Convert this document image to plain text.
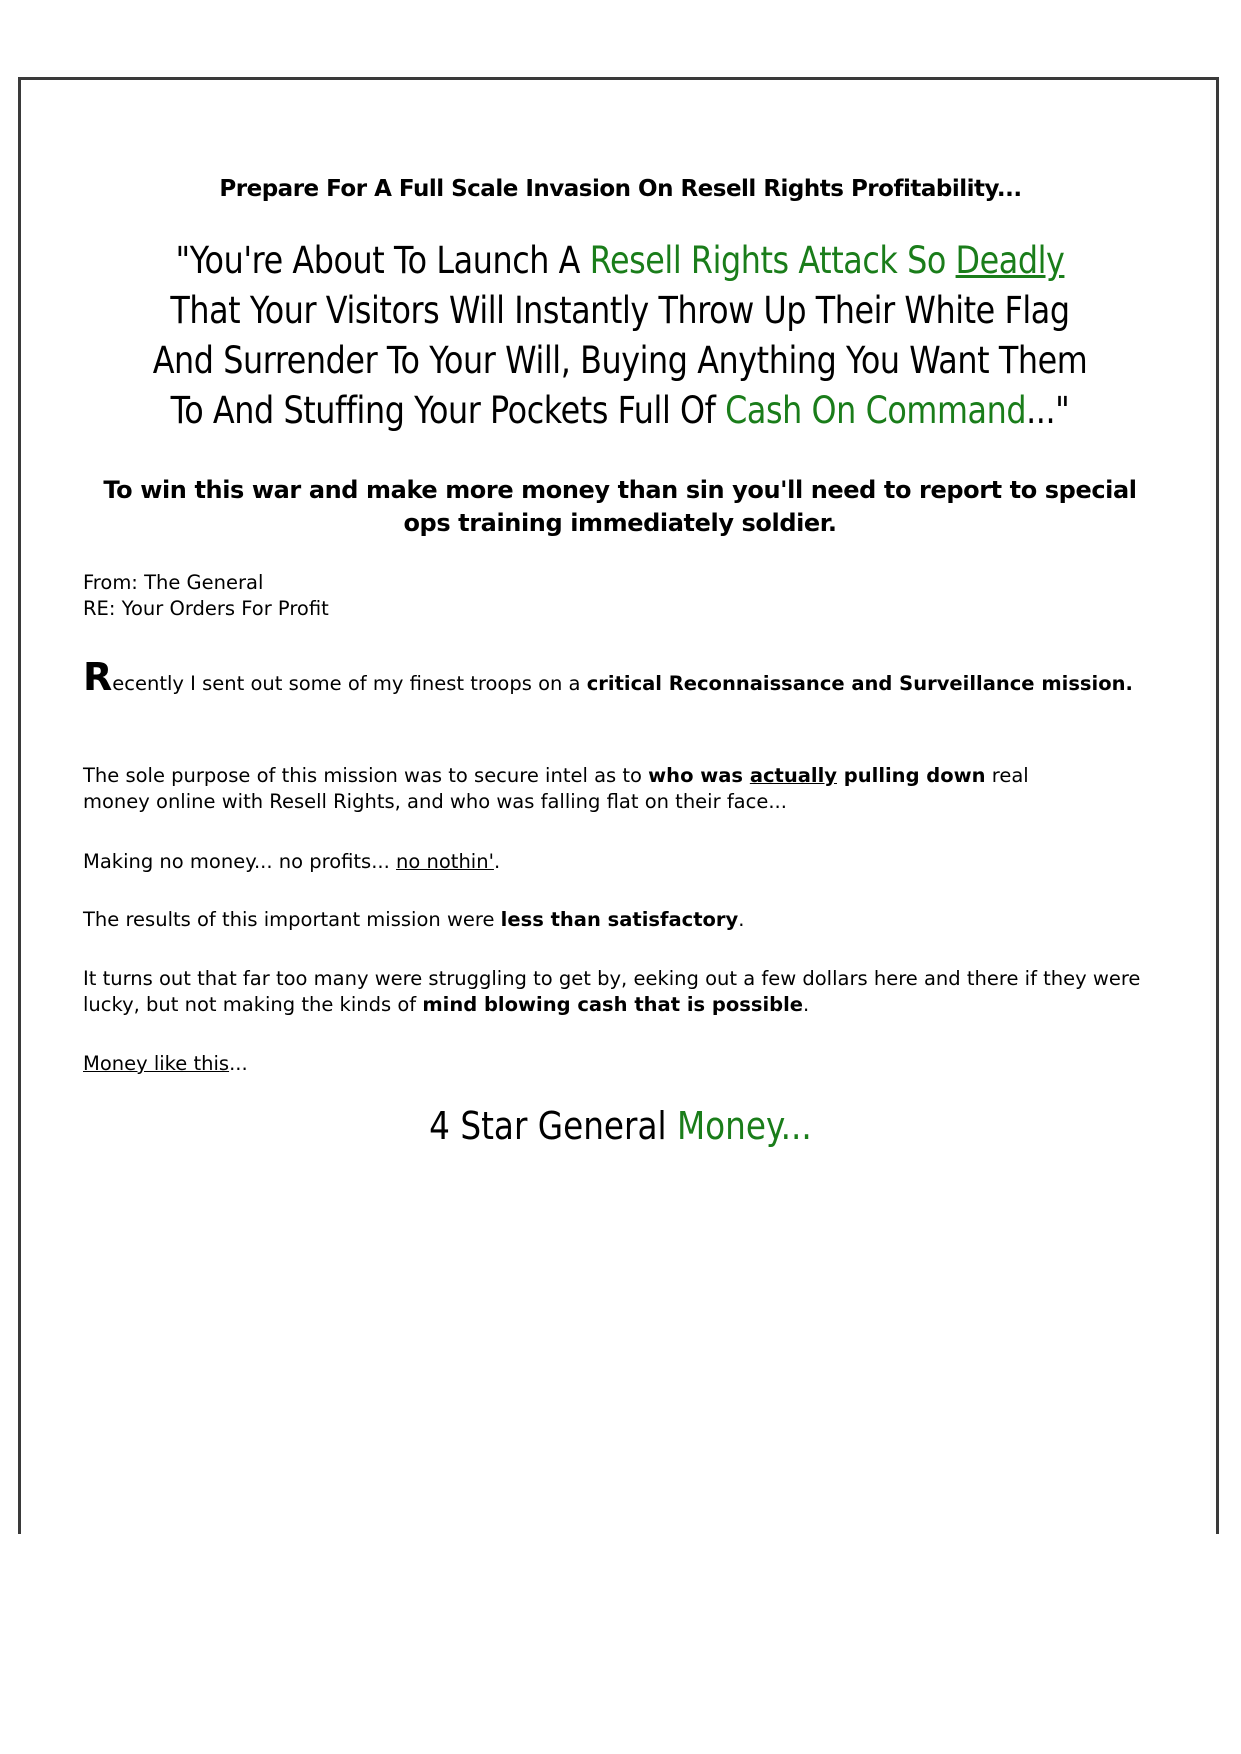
Prepare For A Full Scale Invasion On Resell Rights Profitability...
"You're About To Launch A Resell Rights Attack So Deadly That Your Visitors Will Instantly Throw Up Their White Flag And Surrender To Your Will, Buying Anything You Want Them To And Stuffing Your Pockets Full Of Cash On Command..."
To win this war and make more money than sin you'll need to report to special ops training immediately soldier.
From: The General
RE: Your Orders For Profit
Recently I sent out some of my finest troops on a critical Reconnaissance and Surveillance mission.
The sole purpose of this mission was to secure intel as to who was actually pulling down real money online with Resell Rights, and who was falling flat on their face...
Making no money... no profits... no nothin'.
The results of this important mission were less than satisfactory.
It turns out that far too many were struggling to get by, eeking out a few dollars here and there if they were lucky, but not making the kinds of mind blowing cash that is possible.
Money like this...
4 Star General Money...
